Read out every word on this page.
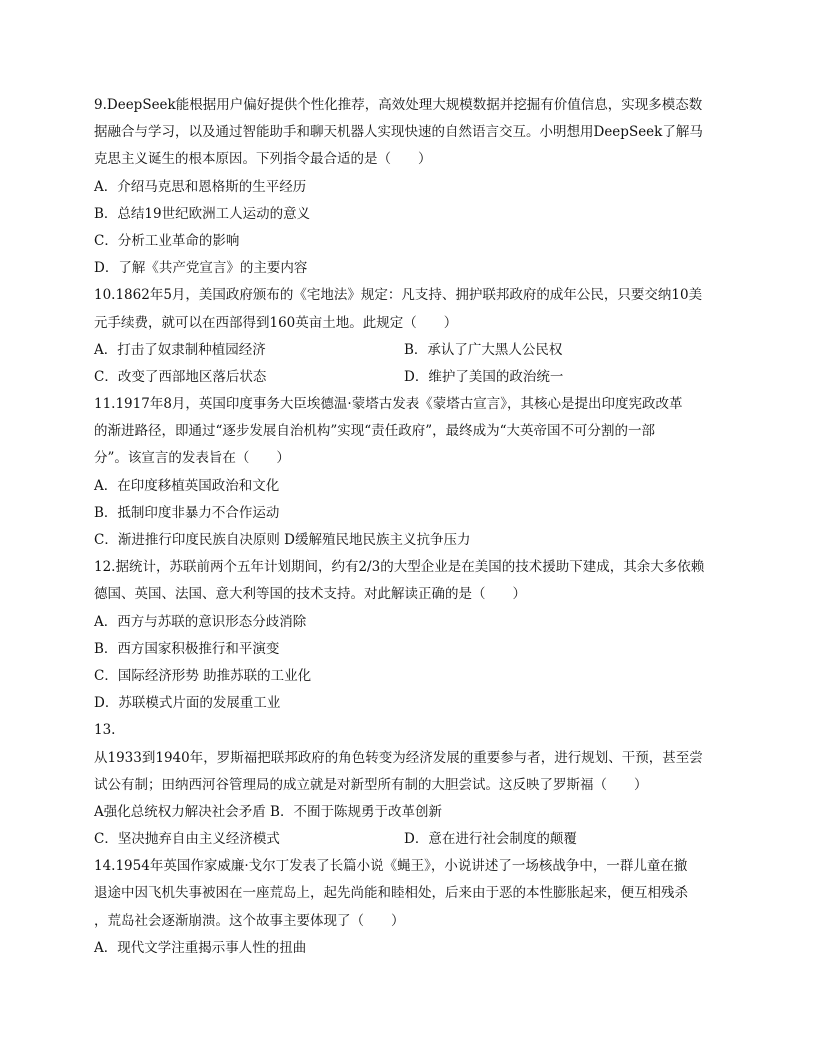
9.DeepSeek能根据用户偏好提供个性化推荐，高效处理大规模数据并挖掘有价值信息，实现多模态数
据融合与学习，以及通过智能助手和聊天机器人实现快速的自然语言交互。小明想用DeepSeek了解马
克思主义诞生的根本原因。下列指令最合适的是（　　）
A．介绍马克思和恩格斯的生平经历
B．总结19世纪欧洲工人运动的意义
C．分析工业革命的影响
D．了解《共产党宣言》的主要内容
10.1862年5月，美国政府颁布的《宅地法》规定：凡支持、拥护联邦政府的成年公民，只要交纳10美
元手续费，就可以在西部得到160英亩土地。此规定（　　）
A．打击了奴隶制种植园经济	B．承认了广大黑人公民权
C．改变了西部地区落后状态	D．维护了美国的政治统一
11.1917年8月，英国印度事务大臣埃德温·蒙塔古发表《蒙塔古宣言》，其核心是提出印度宪政改革
的渐进路径，即通过“逐步发展自治机构”实现“责任政府”，最终成为“大英帝国不可分割的一部
分”。该宣言的发表旨在（　　）
A．在印度移植英国政治和文化
B．抵制印度非暴力不合作运动
C．渐进推行印度民族自决原则 D缓解殖民地民族主义抗争压力
12.据统计，苏联前两个五年计划期间，约有2/3的大型企业是在美国的技术援助下建成，其余大多依赖
德国、英国、法国、意大利等国的技术支持。对此解读正确的是（　　）
A．西方与苏联的意识形态分歧消除
B．西方国家积极推行和平演变
C．国际经济形势 助推苏联的工业化
D．苏联模式片面的发展重工业
13.
从1933到1940年，罗斯福把联邦政府的角色转变为经济发展的重要参与者，进行规划、干预，甚至尝
试公有制；田纳西河谷管理局的成立就是对新型所有制的大胆尝试。这反映了罗斯福（　　）
A强化总统权力解决社会矛盾 B．不囿于陈规勇于改革创新
C．坚决抛弃自由主义经济模式	D．意在进行社会制度的颠覆
14.1954年英国作家威廉·戈尔丁发表了长篇小说《蝇王》，小说讲述了一场核战争中，一群儿童在撤
退途中因飞机失事被困在一座荒岛上，起先尚能和睦相处，后来由于恶的本性膨胀起来，便互相残杀
，荒岛社会逐渐崩溃。这个故事主要体现了（　　）
A．现代文学注重揭示事人性的扭曲
